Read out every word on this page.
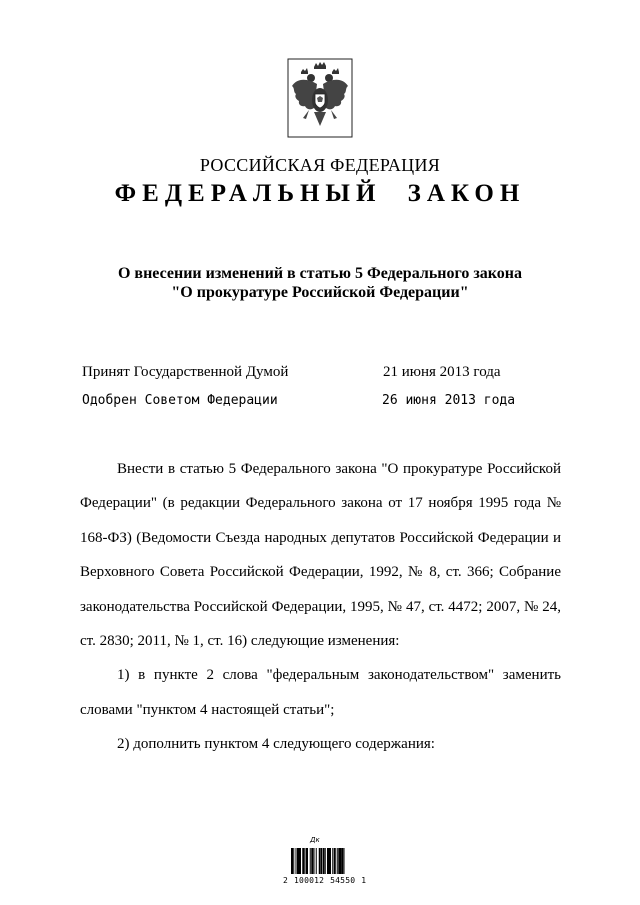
РОССИЙСКАЯ ФЕДЕРАЦИЯ
ФЕДЕРАЛЬНЫЙ ЗАКОН
О внесении изменений в статью 5 Федерального закона
"О прокуратуре Российской Федерации"
Принят Государственной Думой	21 июня 2013 года
Одобрен Советом Федерации	26 июня 2013 года

Внести в статью 5 Федерального закона "О прокуратуре Российской Федерации" (в редакции Федерального закона от 17 ноября 1995 года № 168-ФЗ) (Ведомости Съезда народных депутатов Российской Федерации и Верховного Совета Российской Федерации, 1992, № 8, ст. 366; Собрание законодательства Российской Федерации, 1995, № 47, ст. 4472; 2007, № 24, ст. 2830; 2011, № 1, ст. 16) следующие изменения:

1) в пункте 2 слова "федеральным законодательством" заменить словами "пунктом 4 настоящей статьи";

2) дополнить пунктом 4 следующего содержания:

Дк
2 100012 54550 1
